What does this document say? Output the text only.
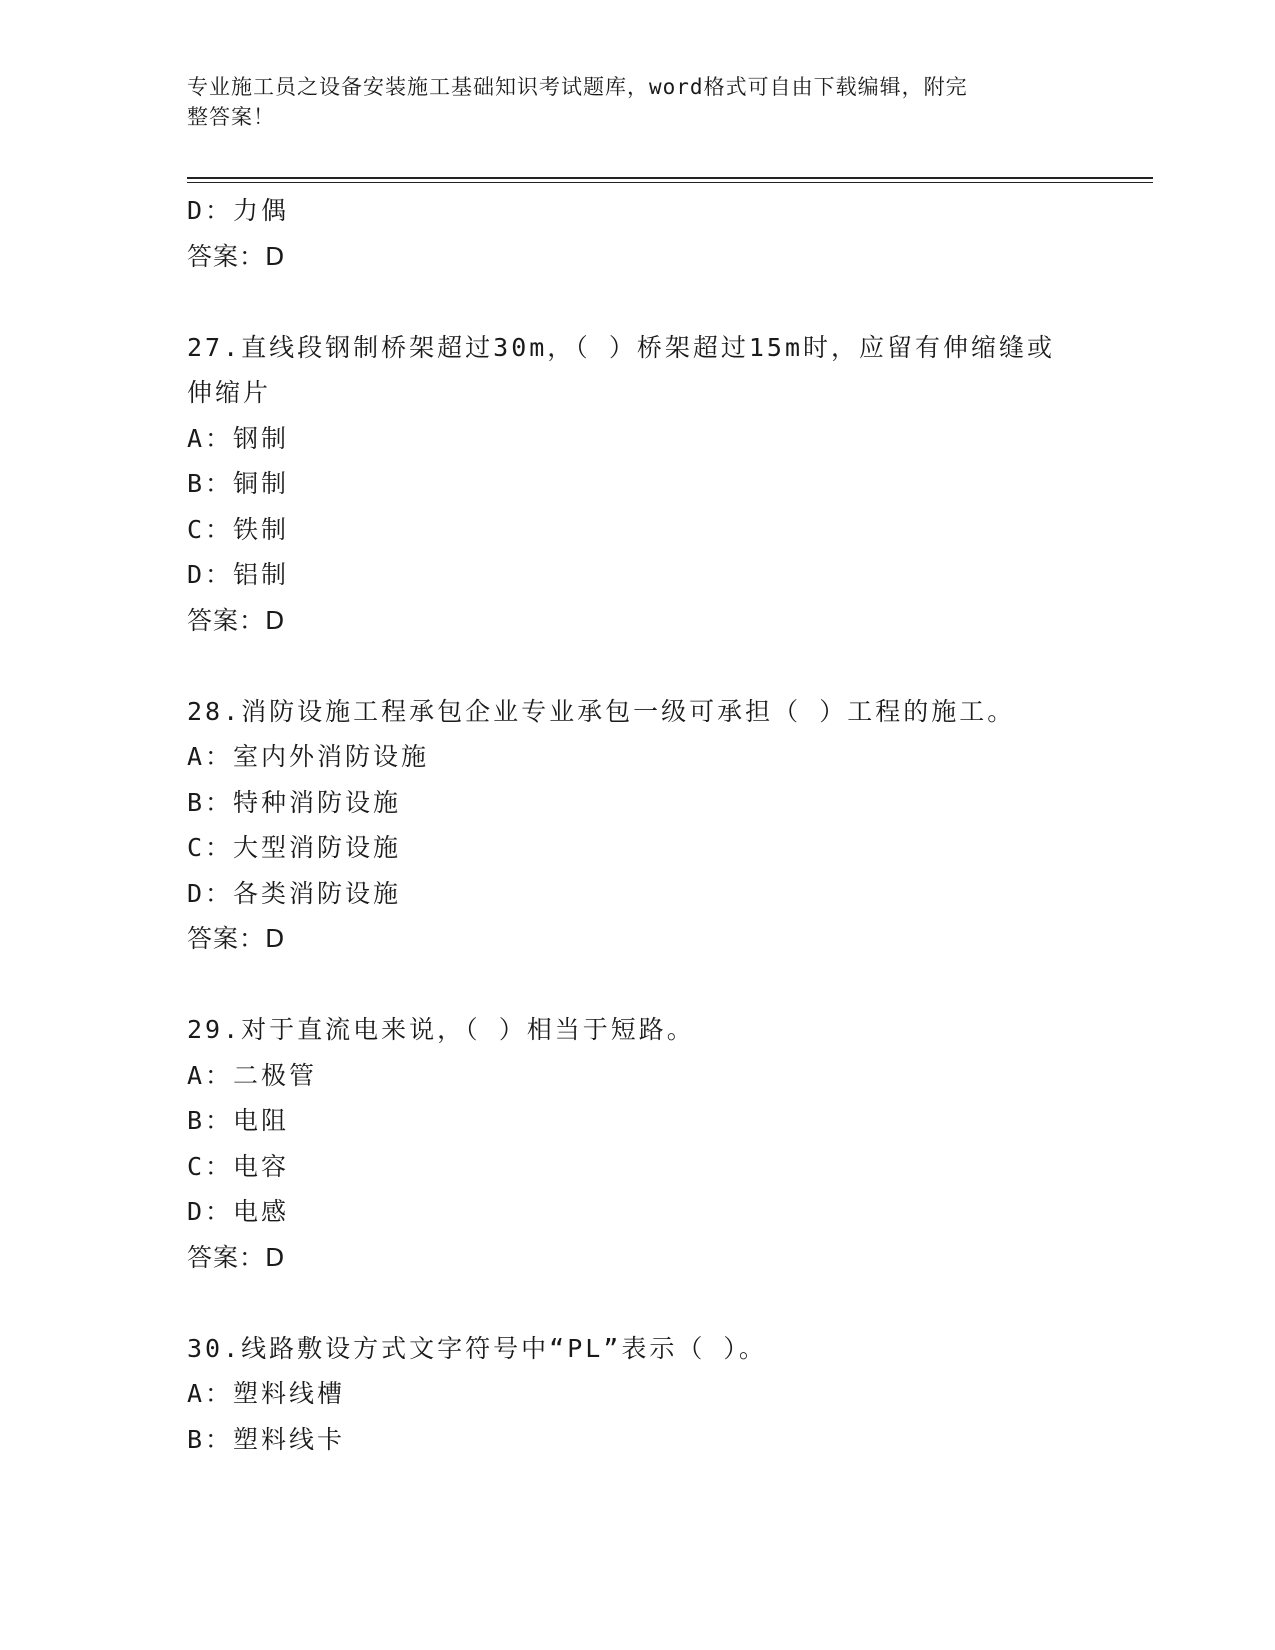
专业施工员之设备安装施工基础知识考试题库，word格式可自由下载编辑，附完
整答案！
D：力偶
答案：D
27.直线段钢制桥架超过30m，（ ）桥架超过15m时，应留有伸缩缝或
伸缩片
A：钢制
B：铜制
C：铁制
D：铝制
答案：D
28.消防设施工程承包企业专业承包一级可承担（ ）工程的施工。
A：室内外消防设施
B：特种消防设施
C：大型消防设施
D：各类消防设施
答案：D
29.对于直流电来说，（ ）相当于短路。
A：二极管
B：电阻
C：电容
D：电感
答案：D
30.线路敷设方式文字符号中“PL”表示（ ）。
A：塑料线槽
B：塑料线卡
